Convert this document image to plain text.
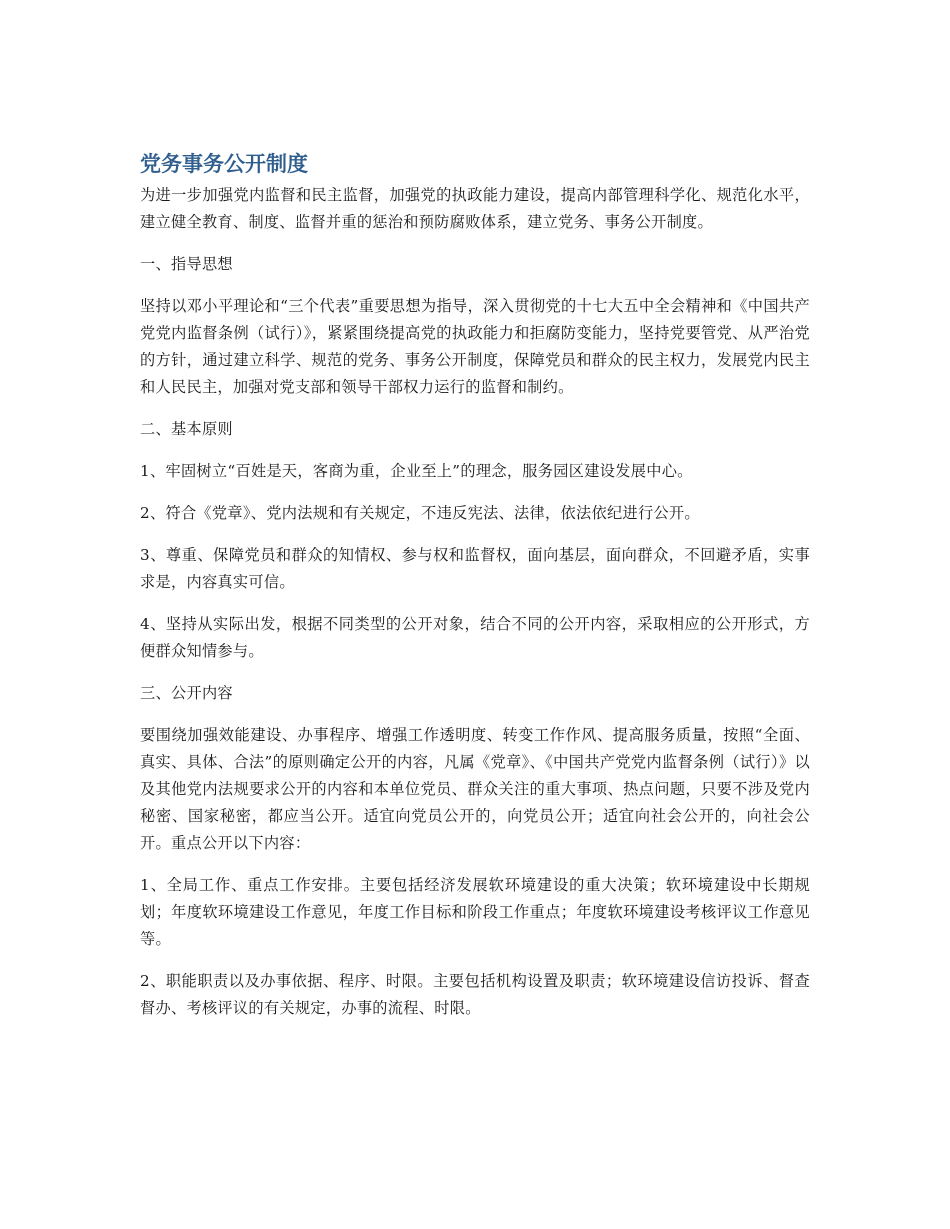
党务事务公开制度

为进一步加强党内监督和民主监督，加强党的执政能力建设，提高内部管理科学化、规范化水平，建立健全教育、制度、监督并重的惩治和预防腐败体系，建立党务、事务公开制度。

一、指导思想

坚持以邓小平理论和“三个代表”重要思想为指导，深入贯彻党的十七大五中全会精神和《中国共产党党内监督条例（试行）》，紧紧围绕提高党的执政能力和拒腐防变能力，坚持党要管党、从严治党的方针，通过建立科学、规范的党务、事务公开制度，保障党员和群众的民主权力，发展党内民主和人民民主，加强对党支部和领导干部权力运行的监督和制约。

二、基本原则

1、牢固树立“百姓是天，客商为重，企业至上”的理念，服务园区建设发展中心。

2、符合《党章》、党内法规和有关规定，不违反宪法、法律，依法依纪进行公开。

3、尊重、保障党员和群众的知情权、参与权和监督权，面向基层，面向群众，不回避矛盾，实事求是，内容真实可信。

4、坚持从实际出发，根据不同类型的公开对象，结合不同的公开内容，采取相应的公开形式，方便群众知情参与。

三、公开内容

要围绕加强效能建设、办事程序、增强工作透明度、转变工作作风、提高服务质量，按照“全面、真实、具体、合法”的原则确定公开的内容，凡属《党章》、《中国共产党党内监督条例（试行）》以及其他党内法规要求公开的内容和本单位党员、群众关注的重大事项、热点问题，只要不涉及党内秘密、国家秘密，都应当公开。适宜向党员公开的，向党员公开；适宜向社会公开的，向社会公开。重点公开以下内容：

1、全局工作、重点工作安排。主要包括经济发展软环境建设的重大决策；软环境建设中长期规划；年度软环境建设工作意见，年度工作目标和阶段工作重点；年度软环境建设考核评议工作意见等。

2、职能职责以及办事依据、程序、时限。主要包括机构设置及职责；软环境建设信访投诉、督查督办、考核评议的有关规定，办事的流程、时限。
